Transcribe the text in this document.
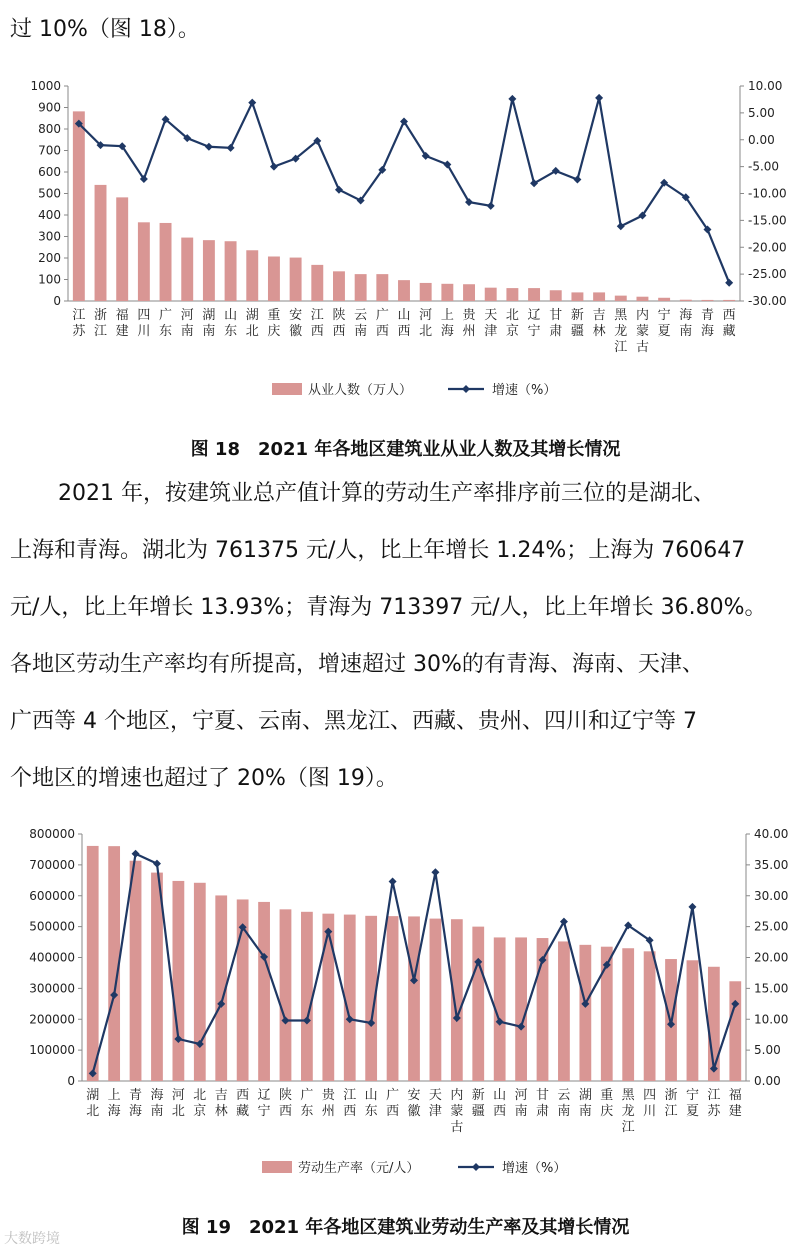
过 10%（图 18）。
0
100
200
300
400
500
600
700
800
900
1000
-30.00
-25.00
-20.00
-15.00
-10.00
-5.00
0.00
5.00
10.00
江苏
浙江
福建
四川
广东
河南
湖南
山东
湖北
重庆
安徽
江西
陕西
云南
广西
山西
河北
上海
贵州
天津
北京
辽宁
甘肃
新疆
吉林
黑龙江
内蒙古
宁夏
海南
青海
西藏
从业人数（万人）	增速（%）
图 18　2021 年各地区建筑业从业人数及其增长情况
2021 年，按建筑业总产值计算的劳动生产率排序前三位的是湖北、
上海和青海。湖北为 761375 元/人，比上年增长 1.24%；上海为 760647
元/人，比上年增长 13.93%；青海为 713397 元/人，比上年增长 36.80%。
各地区劳动生产率均有所提高，增速超过 30%的有青海、海南、天津、
广西等 4 个地区，宁夏、云南、黑龙江、西藏、贵州、四川和辽宁等 7
个地区的增速也超过了 20%（图 19）。
0
100000
200000
300000
400000
500000
600000
700000
800000
0.00
5.00
10.00
15.00
20.00
25.00
30.00
35.00
40.00
湖北
上海
青海
海南
河北
北京
吉林
西藏
辽宁
陕西
广东
贵州
江西
山东
广西
安徽
天津
内蒙古
新疆
山西
河南
甘肃
云南
湖南
重庆
黑龙江
四川
浙江
宁夏
江苏
福建
劳动生产率（元/人）	增速（%）
图 19　2021 年各地区建筑业劳动生产率及其增长情况
大数跨境
